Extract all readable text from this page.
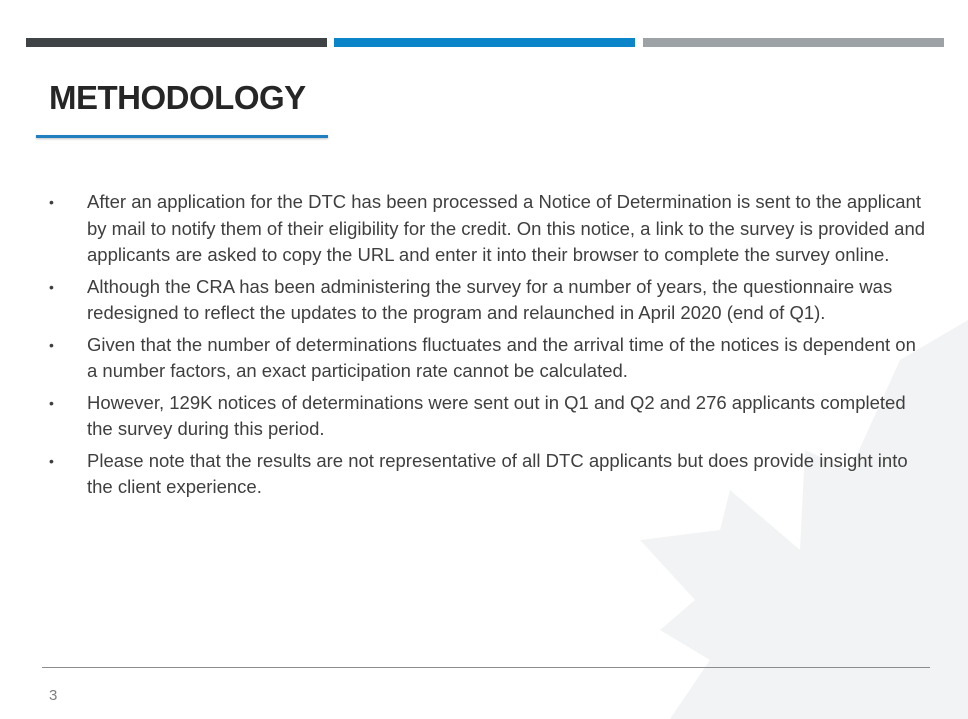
METHODOLOGY
• After an application for the DTC has been processed a Notice of Determination is sent to the applicant by mail to notify them of their eligibility for the credit. On this notice, a link to the survey is provided and applicants are asked to copy the URL and enter it into their browser to complete the survey online.
• Although the CRA has been administering the survey for a number of years, the questionnaire was redesigned to reflect the updates to the program and relaunched in April 2020 (end of Q1).
• Given that the number of determinations fluctuates and the arrival time of the notices is dependent on a number factors, an exact participation rate cannot be calculated.
• However, 129K notices of determinations were sent out in Q1 and Q2 and 276 applicants completed the survey during this period.
• Please note that the results are not representative of all DTC applicants but does provide insight into the client experience.
3
